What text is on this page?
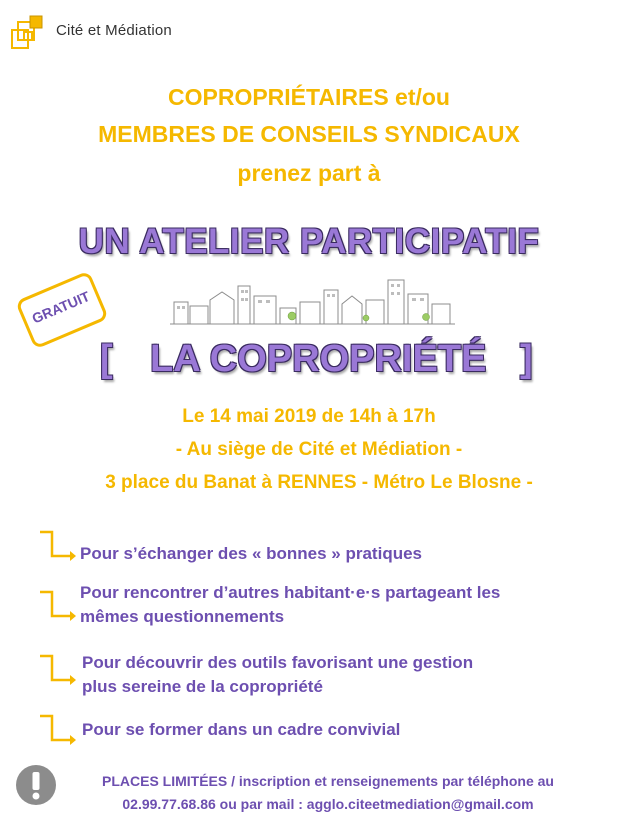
Cité et Médiation
COPROPRIÉTAIRES et/ou
MEMBRES DE CONSEILS SYNDICAUX
prenez part à
UN ATELIER PARTICIPATIF
GRATUIT
[ LA COPROPRIÉTÉ ]
Le 14 mai 2019 de 14h à 17h
- Au siège de Cité et Médiation -
3 place du Banat à RENNES - Métro Le Blosne -
Pour s’échanger des « bonnes » pratiques
Pour rencontrer d’autres habitant·e·s partageant les
mêmes questionnements
Pour découvrir des outils favorisant une gestion
plus sereine de la copropriété
Pour se former dans un cadre convivial
PLACES LIMITÉES / inscription et renseignements par téléphone au
02.99.77.68.86 ou par mail : agglo.citeetmediation@gmail.com
